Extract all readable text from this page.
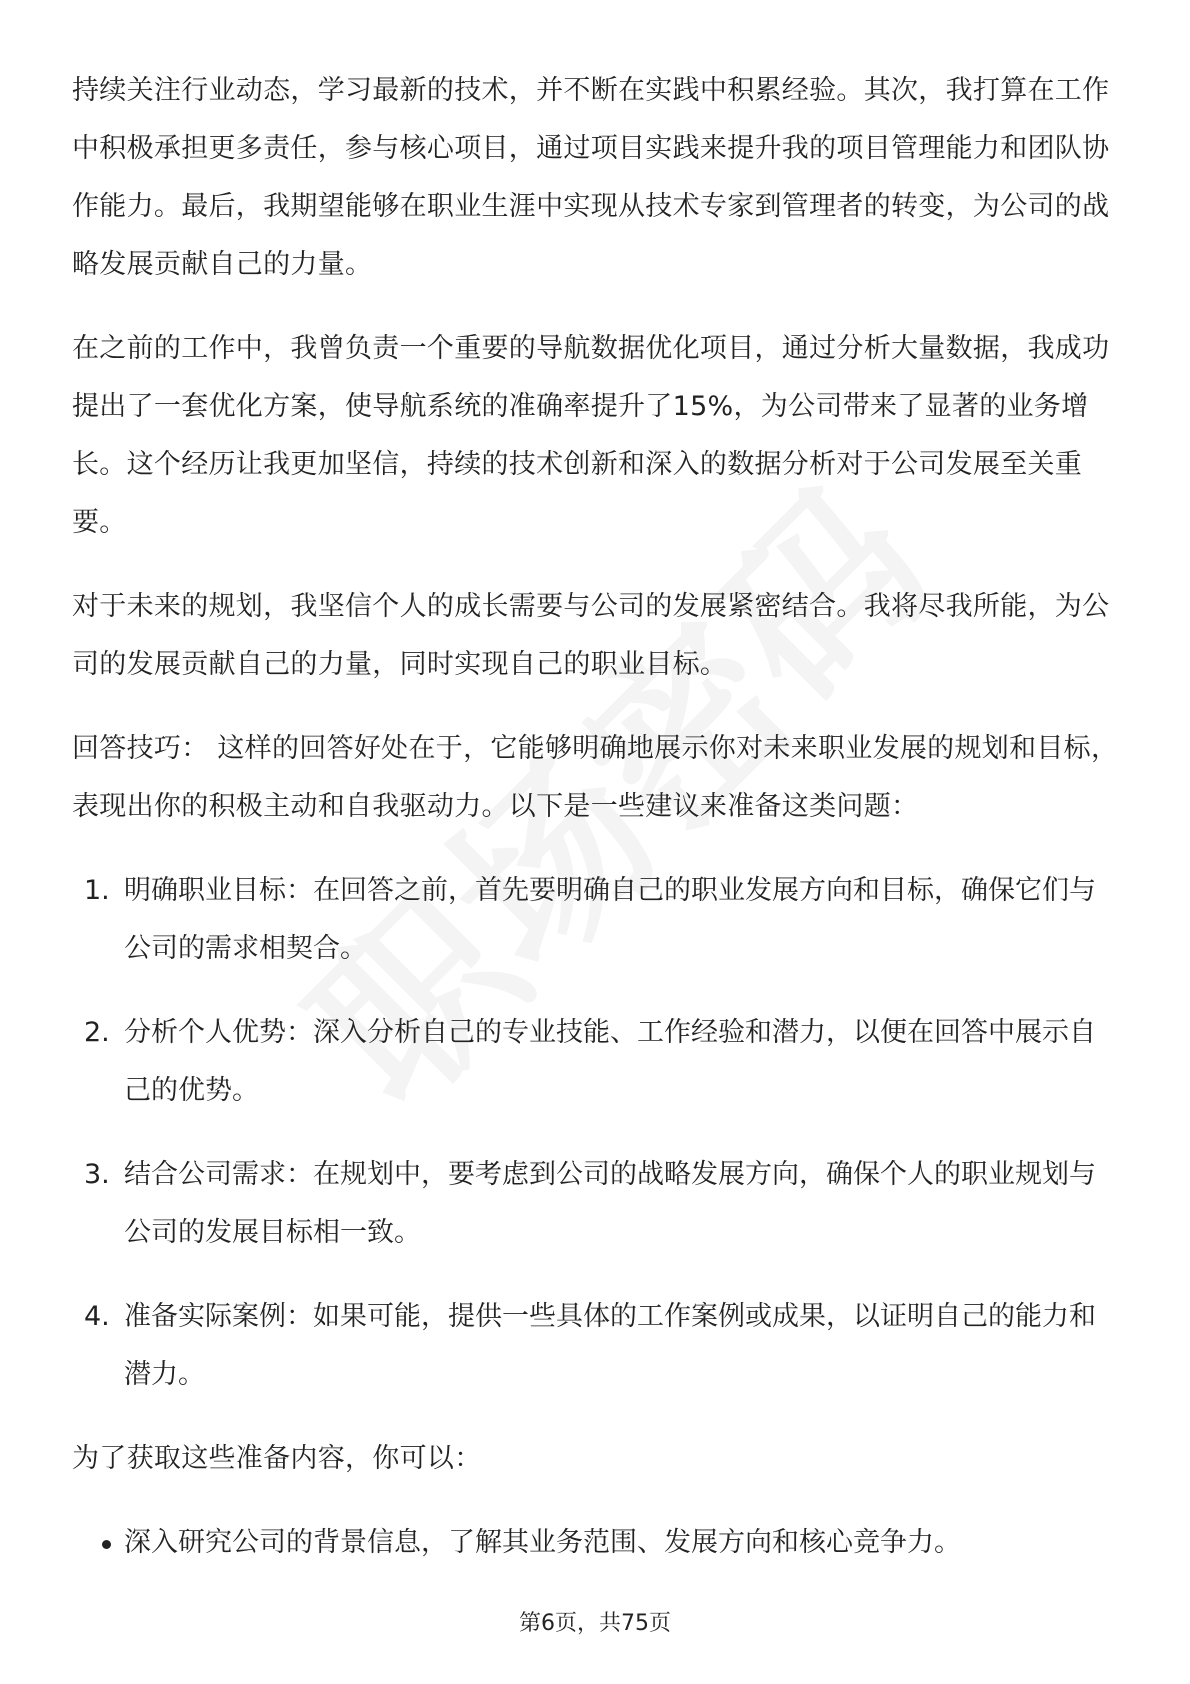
持续关注行业动态，学习最新的技术，并不断在实践中积累经验。其次，我打算在工作中积极承担更多责任，参与核心项目，通过项目实践来提升我的项目管理能力和团队协作能力。最后，我期望能够在职业生涯中实现从技术专家到管理者的转变，为公司的战略发展贡献自己的力量。

在之前的工作中，我曾负责一个重要的导航数据优化项目，通过分析大量数据，我成功提出了一套优化方案，使导航系统的准确率提升了15%，为公司带来了显著的业务增长。这个经历让我更加坚信，持续的技术创新和深入的数据分析对于公司发展至关重要。

对于未来的规划，我坚信个人的成长需要与公司的发展紧密结合。我将尽我所能，为公司的发展贡献自己的力量，同时实现自己的职业目标。

回答技巧： 这样的回答好处在于，它能够明确地展示你对未来职业发展的规划和目标，表现出你的积极主动和自我驱动力。以下是一些建议来准备这类问题：

1. 明确职业目标：在回答之前，首先要明确自己的职业发展方向和目标，确保它们与公司的需求相契合。
2. 分析个人优势：深入分析自己的专业技能、工作经验和潜力，以便在回答中展示自己的优势。
3. 结合公司需求：在规划中，要考虑到公司的战略发展方向，确保个人的职业规划与公司的发展目标相一致。
4. 准备实际案例：如果可能，提供一些具体的工作案例或成果，以证明自己的能力和潜力。

为了获取这些准备内容，你可以：

深入研究公司的背景信息，了解其业务范围、发展方向和核心竞争力。
第6页，共75页
